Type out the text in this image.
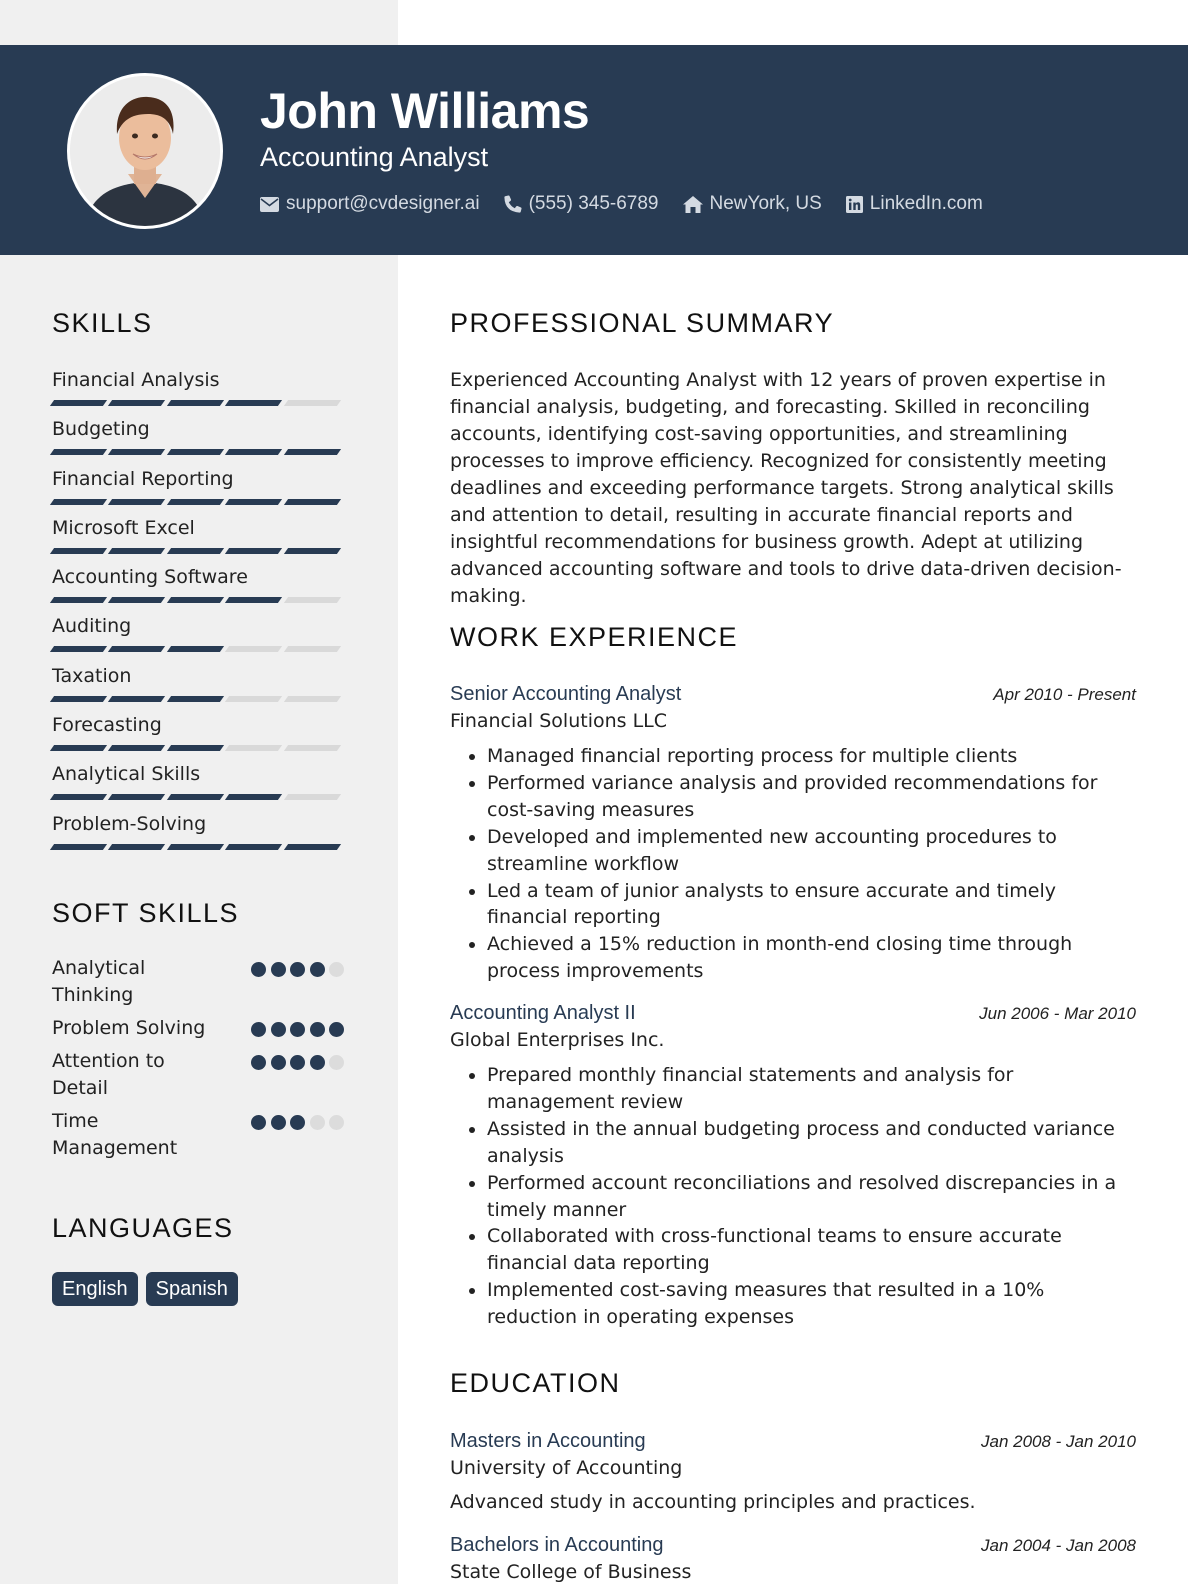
John Williams
Accounting Analyst
support@cvdesigner.ai	(555) 345-6789	NewYork, US	LinkedIn.com
SKILLS
Financial Analysis
Budgeting
Financial Reporting
Microsoft Excel
Accounting Software
Auditing
Taxation
Forecasting
Analytical Skills
Problem-Solving
SOFT SKILLS
Analytical Thinking
Problem Solving
Attention to Detail
Time Management
LANGUAGES
English	Spanish
PROFESSIONAL SUMMARY
Experienced Accounting Analyst with 12 years of proven expertise in financial analysis, budgeting, and forecasting. Skilled in reconciling accounts, identifying cost-saving opportunities, and streamlining processes to improve efficiency. Recognized for consistently meeting deadlines and exceeding performance targets. Strong analytical skills and attention to detail, resulting in accurate financial reports and insightful recommendations for business growth. Adept at utilizing advanced accounting software and tools to drive data-driven decision-making.
WORK EXPERIENCE
Senior Accounting Analyst	Apr 2010 - Present
Financial Solutions LLC
• Managed financial reporting process for multiple clients
• Performed variance analysis and provided recommendations for cost-saving measures
• Developed and implemented new accounting procedures to streamline workflow
• Led a team of junior analysts to ensure accurate and timely financial reporting
• Achieved a 15% reduction in month-end closing time through process improvements
Accounting Analyst II	Jun 2006 - Mar 2010
Global Enterprises Inc.
• Prepared monthly financial statements and analysis for management review
• Assisted in the annual budgeting process and conducted variance analysis
• Performed account reconciliations and resolved discrepancies in a timely manner
• Collaborated with cross-functional teams to ensure accurate financial data reporting
• Implemented cost-saving measures that resulted in a 10% reduction in operating expenses
EDUCATION
Masters in Accounting	Jan 2008 - Jan 2010
University of Accounting
Advanced study in accounting principles and practices.
Bachelors in Accounting	Jan 2004 - Jan 2008
State College of Business
